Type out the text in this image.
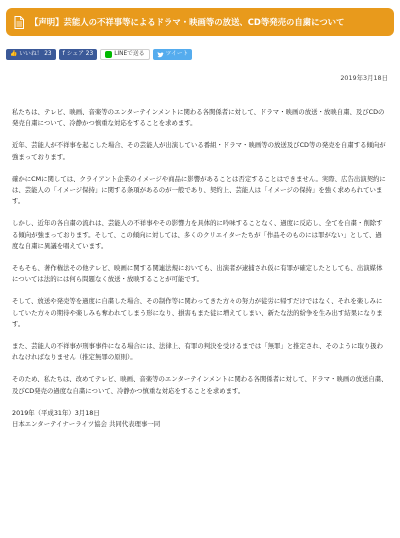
【声明】芸能人の不祥事等によるドラマ・映画等の放送、CD等発売の自粛について
👍 いいね！ 23 f シェア 23	LINEで送る	ツイート
2019年3月18日

私たちは、テレビ、映画、音楽等のエンターテインメントに関わる各関係者に対して、ドラマ・映画の放送・放映自粛、及びCDの発売自粛について、冷静かつ慎重な対応をすることを求めます。

近年、芸能人が不祥事を起こした場合、その芸能人が出演している番組・ドラマ・映画等の放送及びCD等の発売を自粛する傾向が強まっております。

確かにCMに関しては、クライアント企業のイメージや商品に影響があることは否定することはできません。実際、広告出演契約には、芸能人の「イメージ保持」に関する条項があるのが一般であり、契約上、芸能人は「イメージの保持」を強く求められています。

しかし、近年の各自粛の流れは、芸能人の不祥事やその影響力を具体的に吟味することなく、過度に反応し、全てを自粛・削除する傾向が強まっております。そして、この傾向に対しては、多くのクリエイターたちが「作品そのものには罪がない」として、過度な自粛に異議を唱えています。

そもそも、著作権法その他テレビ、映画に関する関連法規においても、出演者が逮捕され仮に有罪が確定したとしても、出演媒体については法的には何ら問題なく放送・放映することが可能です。

そして、放送や発売等を過度に自粛した場合、その制作等に関わってきた方々の努力が徒労に帰すだけではなく、それを楽しみにしていた方々の期待や楽しみも奪われてしまう形になり、損害もまた徒に増えてしまい、新たな法的紛争を生み出す結果になります。

また、芸能人の不祥事が刑事事件になる場合には、法律上、有罪の判決を受けるまでは「無罪」と推定され、そのように取り扱われなければなりません（推定無罪の原則）。

そのため、私たちは、改めてテレビ、映画、音楽等のエンターテインメントに関わる各関係者に対して、ドラマ・映画の放送自粛、及びCD発売の過度な自粛について、冷静かつ慎重な対応をすることを求めます。

2019年（平成31年）3月18日

日本エンターテイナーライツ協会 共同代表理事一同
